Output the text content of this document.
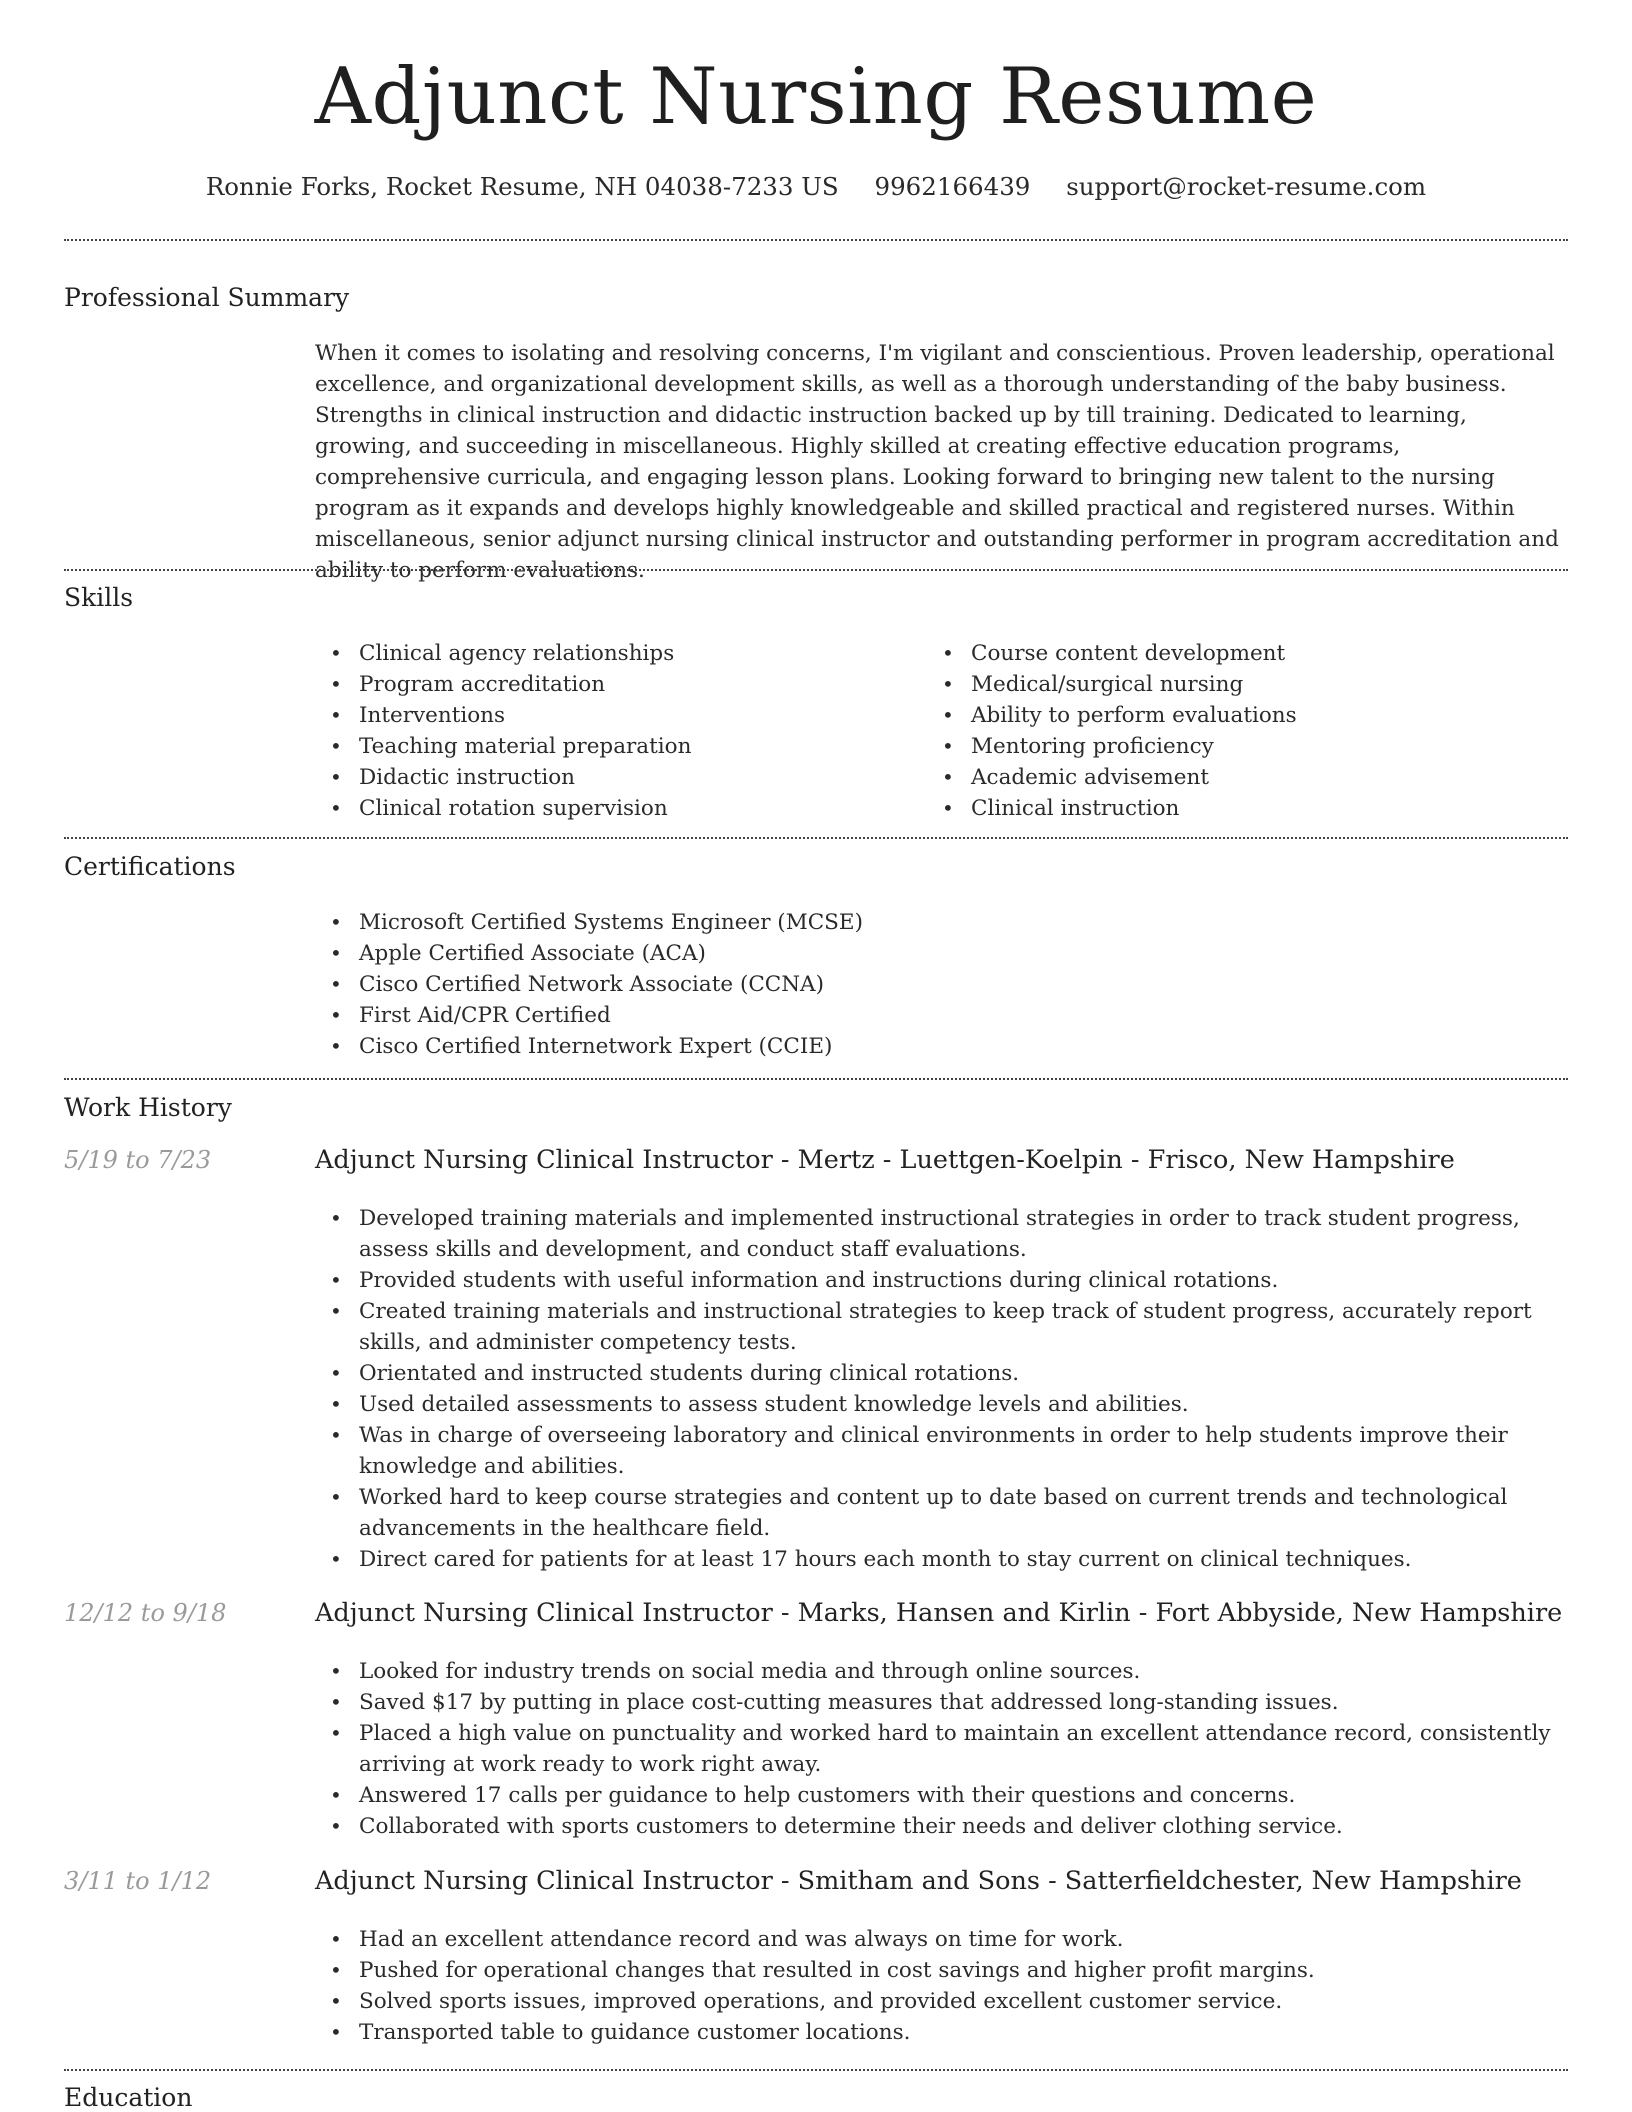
Adjunct Nursing Resume
Ronnie Forks, Rocket Resume, NH 04038-7233 US 9962166439 support@rocket-resume.com
Professional Summary

When it comes to isolating and resolving concerns, I'm vigilant and conscientious. Proven leadership, operational excellence, and organizational development skills, as well as a thorough understanding of the baby business. Strengths in clinical instruction and didactic instruction backed up by till training. Dedicated to learning, growing, and succeeding in miscellaneous. Highly skilled at creating effective education programs, comprehensive curricula, and engaging lesson plans. Looking forward to bringing new talent to the nursing program as it expands and develops highly knowledgeable and skilled practical and registered nurses. Within miscellaneous, senior adjunct nursing clinical instructor and outstanding performer in program accreditation and ability to perform evaluations.

Skills
• Clinical agency relationships
• Program accreditation
• Interventions
• Teaching material preparation
• Didactic instruction
• Clinical rotation supervision
• Course content development
• Medical/surgical nursing
• Ability to perform evaluations
• Mentoring proficiency
• Academic advisement
• Clinical instruction
Certifications
• Microsoft Certified Systems Engineer (MCSE)
• Apple Certified Associate (ACA)
• Cisco Certified Network Associate (CCNA)
• First Aid/CPR Certified
• Cisco Certified Internetwork Expert (CCIE)
Work History
5/19 to 7/23	Adjunct Nursing Clinical Instructor - Mertz - Luettgen-Koelpin - Frisco, New Hampshire
• Developed training materials and implemented instructional strategies in order to track student progress, assess skills and development, and conduct staff evaluations.
• Provided students with useful information and instructions during clinical rotations.
• Created training materials and instructional strategies to keep track of student progress, accurately report skills, and administer competency tests.
• Orientated and instructed students during clinical rotations.
• Used detailed assessments to assess student knowledge levels and abilities.
• Was in charge of overseeing laboratory and clinical environments in order to help students improve their knowledge and abilities.
• Worked hard to keep course strategies and content up to date based on current trends and technological advancements in the healthcare field.
• Direct cared for patients for at least 17 hours each month to stay current on clinical techniques.
12/12 to 9/18	Adjunct Nursing Clinical Instructor - Marks, Hansen and Kirlin - Fort Abbyside, New Hampshire
• Looked for industry trends on social media and through online sources.
• Saved $17 by putting in place cost-cutting measures that addressed long-standing issues.
• Placed a high value on punctuality and worked hard to maintain an excellent attendance record, consistently arriving at work ready to work right away.
• Answered 17 calls per guidance to help customers with their questions and concerns.
• Collaborated with sports customers to determine their needs and deliver clothing service.
3/11 to 1/12	Adjunct Nursing Clinical Instructor - Smitham and Sons - Satterfieldchester, New Hampshire
• Had an excellent attendance record and was always on time for work.
• Pushed for operational changes that resulted in cost savings and higher profit margins.
• Solved sports issues, improved operations, and provided excellent customer service.
• Transported table to guidance customer locations.
Education
